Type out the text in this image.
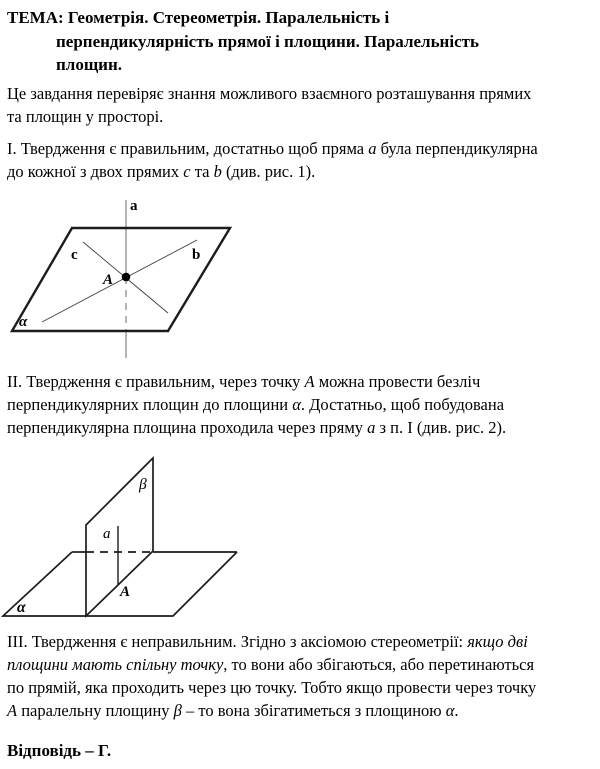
ТЕМА: Геометрія. Стереометрія. Паралельність і
перпендикулярність прямої і площини. Паралельність
площин.
Це завдання перевіряє знання можливого взаємного розташування прямих
та площин у просторі.
І. Твердження є правильним, достатньо щоб пряма a була перпендикулярна
до кожної з двох прямих c та b (див. рис. 1).
a
c	b
A
α
ІІ. Твердження є правильним, через точку A можна провести безліч
перпендикулярних площин до площини α. Достатньо, щоб побудована
перпендикулярна площина проходила через пряму a з п. І (див. рис. 2).
β
a
A
α
ІІІ. Твердження є неправильним. Згідно з аксіомою стереометрії: якщо дві
площини мають спільну точку, то вони або збігаються, або перетинаються
по прямій, яка проходить через цю точку. Тобто якщо провести через точку
A паралельну площину β – то вона збігатиметься з площиною α.
Відповідь – Г.
